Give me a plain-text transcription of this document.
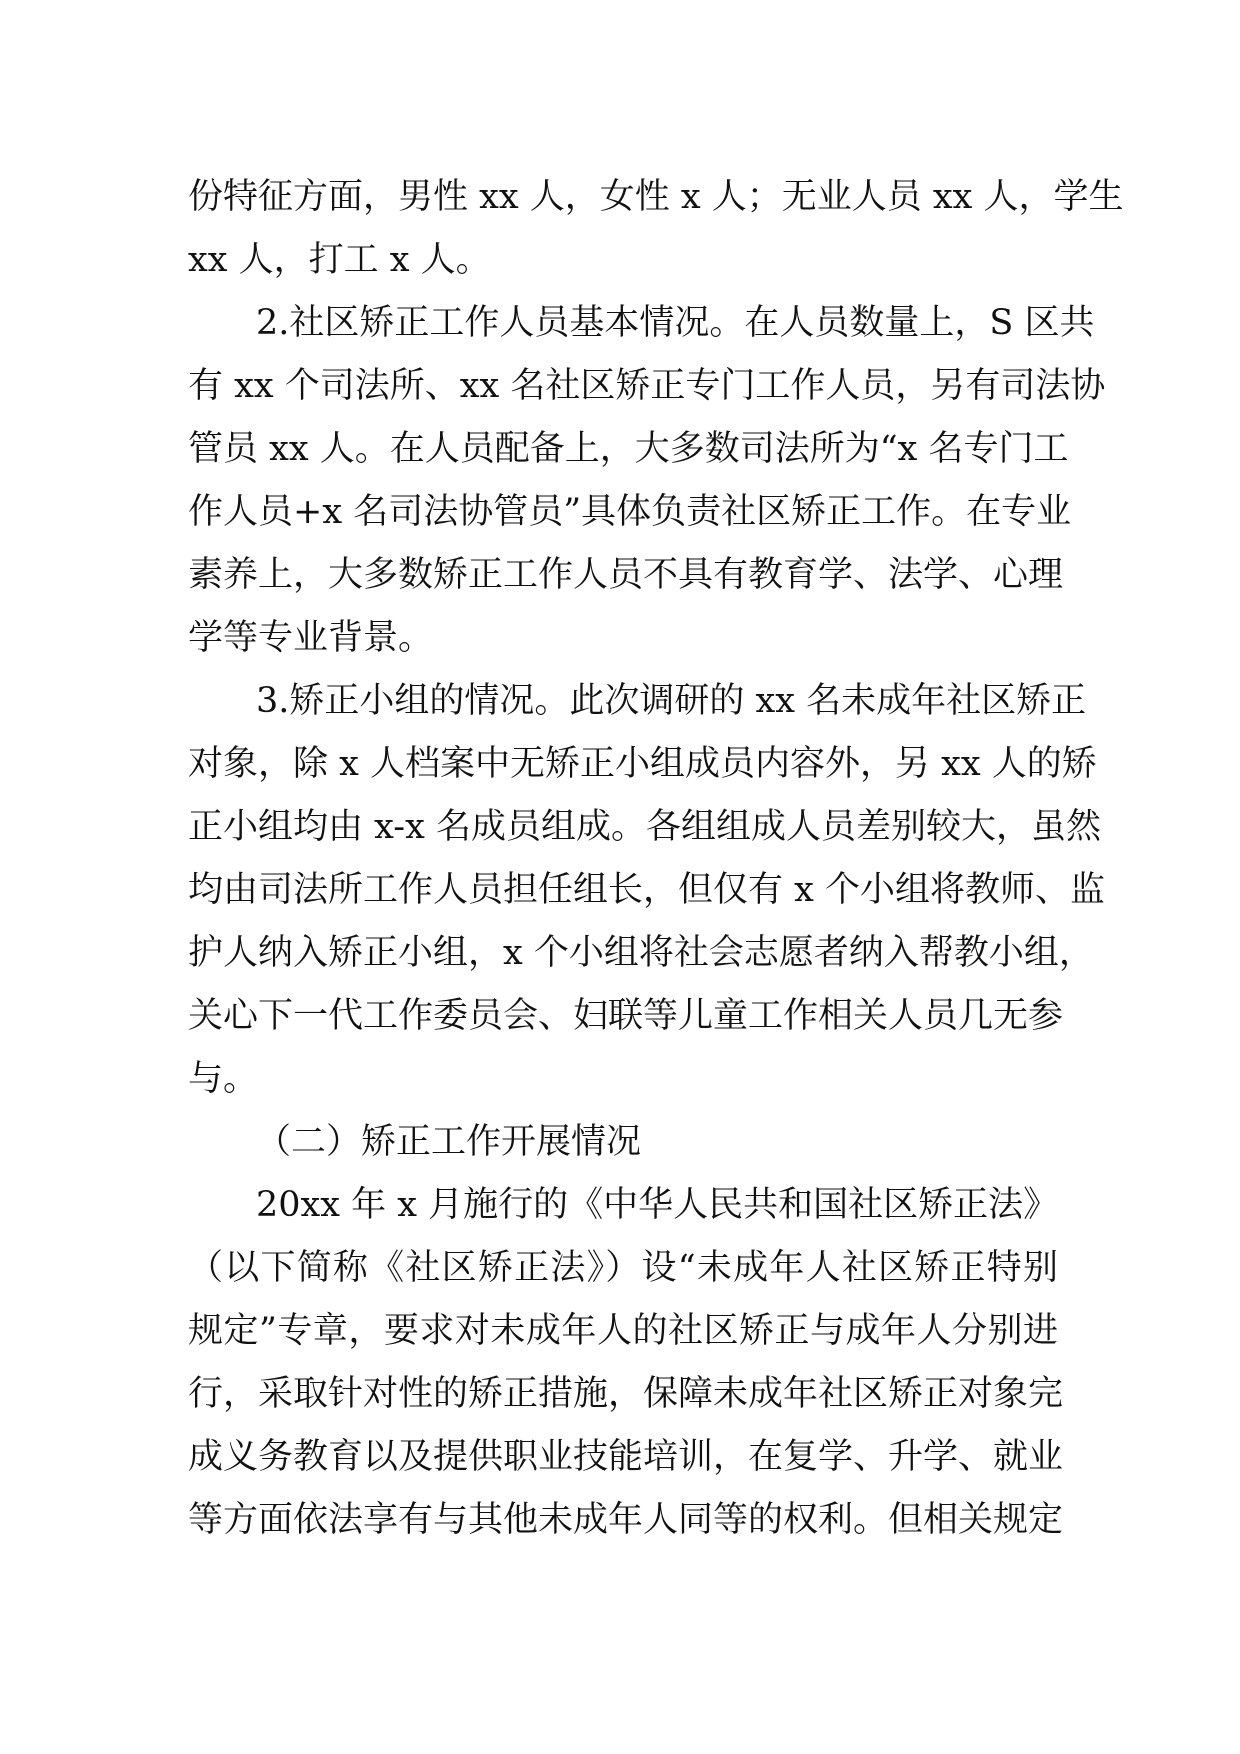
份特征方面，男性 xx 人，女性 x 人；无业人员 xx 人，学生
xx 人，打工 x 人。
2.社区矫正工作人员基本情况。在人员数量上，S 区共
有 xx 个司法所、xx 名社区矫正专门工作人员，另有司法协
管员 xx 人。在人员配备上，大多数司法所为“x 名专门工
作人员+x 名司法协管员”具体负责社区矫正工作。在专业
素养上，大多数矫正工作人员不具有教育学、法学、心理
学等专业背景。
3.矫正小组的情况。此次调研的 xx 名未成年社区矫正
对象，除 x 人档案中无矫正小组成员内容外，另 xx 人的矫
正小组均由 x-x 名成员组成。各组组成人员差别较大，虽然
均由司法所工作人员担任组长，但仅有 x 个小组将教师、监
护人纳入矫正小组，x 个小组将社会志愿者纳入帮教小组，
关心下一代工作委员会、妇联等儿童工作相关人员几无参
与。
（二）矫正工作开展情况
20xx 年 x 月施行的《中华人民共和国社区矫正法》
（以下简称《社区矫正法》）设“未成年人社区矫正特别
规定”专章，要求对未成年人的社区矫正与成年人分别进
行，采取针对性的矫正措施，保障未成年社区矫正对象完
成义务教育以及提供职业技能培训，在复学、升学、就业
等方面依法享有与其他未成年人同等的权利。但相关规定
